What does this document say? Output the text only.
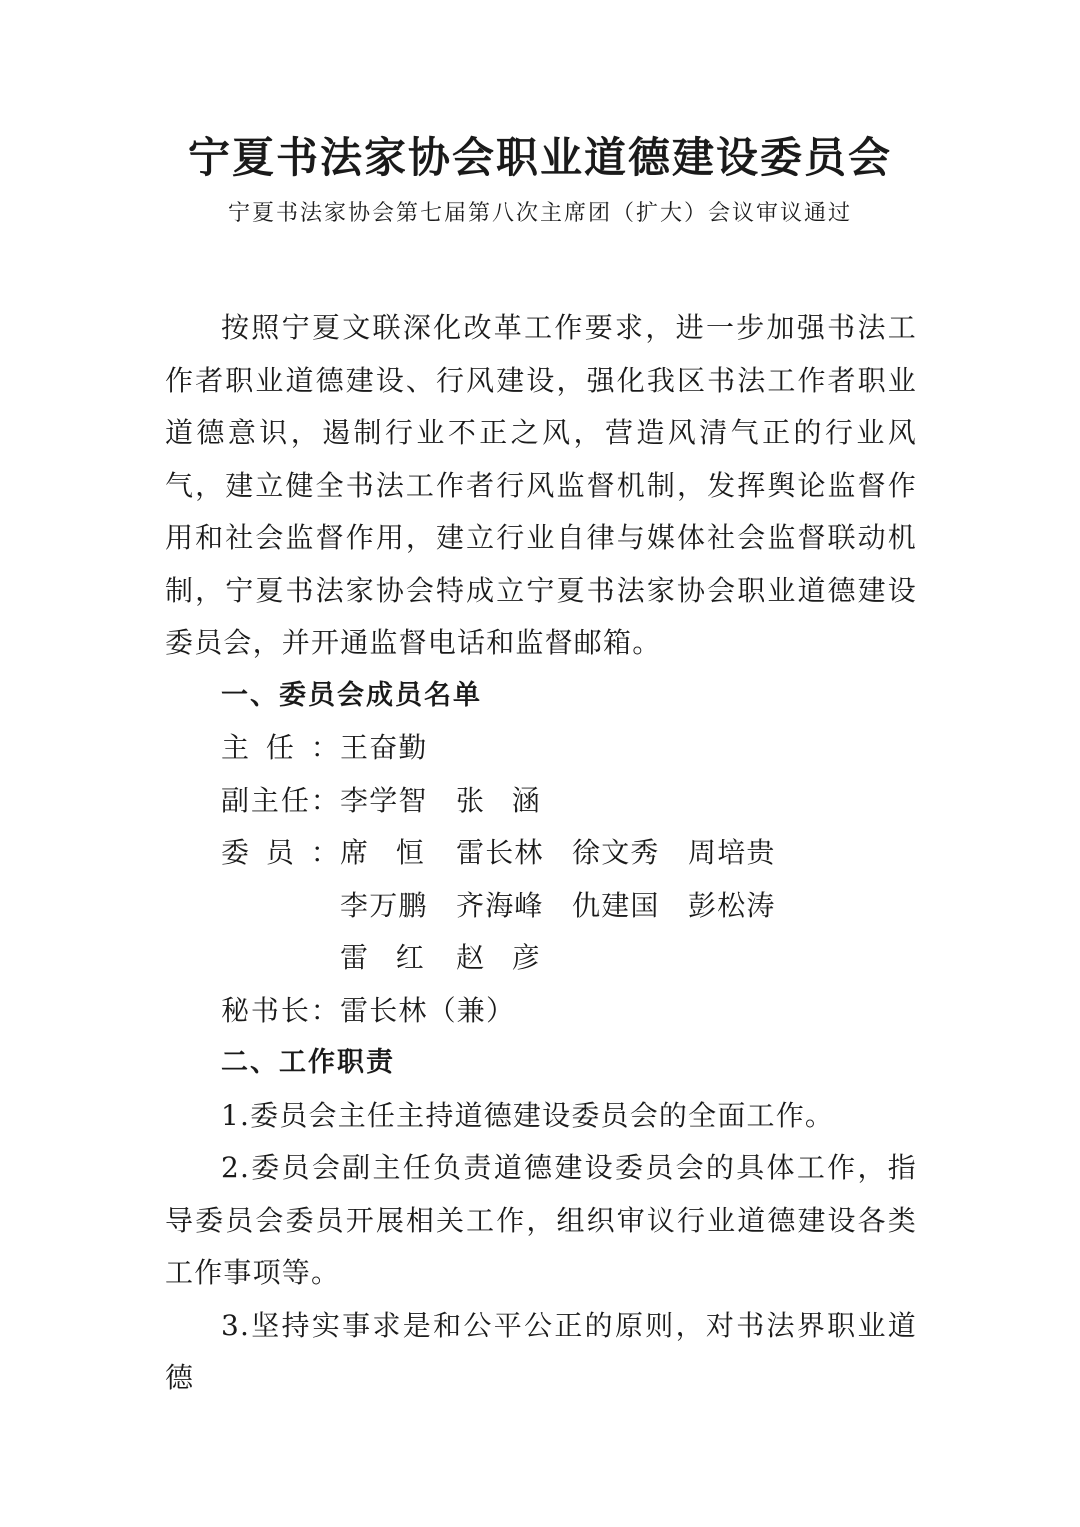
宁夏书法家协会职业道德建设委员会
宁夏书法家协会第七届第八次主席团（扩大）会议审议通过

按照宁夏文联深化改革工作要求，进一步加强书法工作者职业道德建设、行风建设，强化我区书法工作者职业道德意识，遏制行业不正之风，营造风清气正的行业风气，建立健全书法工作者行风监督机制，发挥舆论监督作用和社会监督作用，建立行业自律与媒体社会监督联动机制，宁夏书法家协会特成立宁夏书法家协会职业道德建设委员会，并开通监督电话和监督邮箱。

一、委员会成员名单

主任： 王奋勤
副主任： 李学智	张涵
委员： 席恒	雷长林	徐文秀	周培贵
李万鹏	齐海峰	仇建国	彭松涛
雷红	赵彦
秘书长： 雷长林（兼）

二、工作职责

1.委员会主任主持道德建设委员会的全面工作。

2.委员会副主任负责道德建设委员会的具体工作，指导委员会委员开展相关工作，组织审议行业道德建设各类工作事项等。

3.坚持实事求是和公平公正的原则，对书法界职业道德
